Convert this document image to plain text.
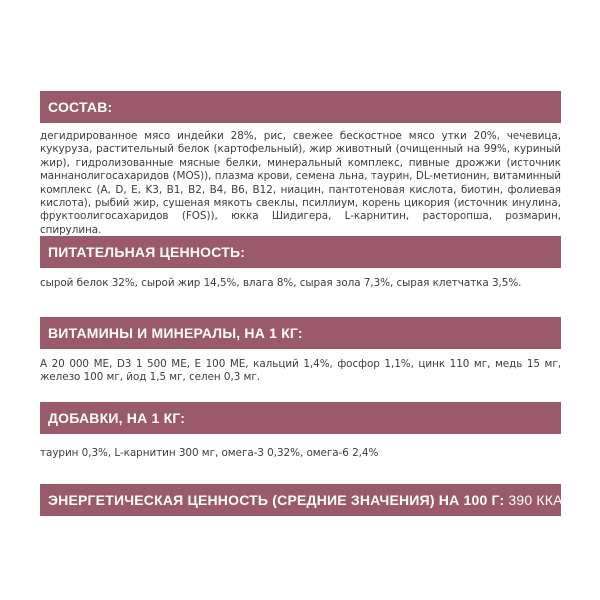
СОСТАВ:

дегидрированное мясо индейки 28%, рис, свежее бескостное мясо утки 20%, чечевица, кукуруза, растительный белок (картофельный), жир животный (очищенный на 99%, куриный жир), гидролизованные мясные белки, минеральный комплекс, пивные дрожжи (источник маннанолигосахаридов (MOS)), плазма крови, семена льна, таурин, DL-метионин, витаминный комплекс (A, D, E, K3, B1, B2, B4, B6, B12, ниацин, пантотеновая кислота, биотин, фолиевая кислота), рыбий жир, сушеная мякоть свеклы, псиллиум, корень цикория (источник инулина, фруктоолигосахаридов (FOS)), юкка Шидигера, L-карнитин, расторопша, розмарин, спирулина.

ПИТАТЕЛЬНАЯ ЦЕННОСТЬ:

сырой белок 32%, сырой жир 14,5%, влага 8%, сырая зола 7,3%, сырая клетчатка 3,5%.

ВИТАМИНЫ И МИНЕРАЛЫ, НА 1 КГ:

A 20 000 ME, D3 1 500 ME, E 100 ME, кальций 1,4%, фосфор 1,1%, цинк 110 мг, медь 15 мг, железо 100 мг, йод 1,5 мг, селен 0,3 мг.

ДОБАВКИ, НА 1 КГ:

таурин 0,3%, L-карнитин 300 мг, омега-3 0,32%, омега-6 2,4%

ЭНЕРГЕТИЧЕСКАЯ ЦЕННОСТЬ (СРЕДНИЕ ЗНАЧЕНИЯ) НА 100 Г: 390 ККАЛ.
